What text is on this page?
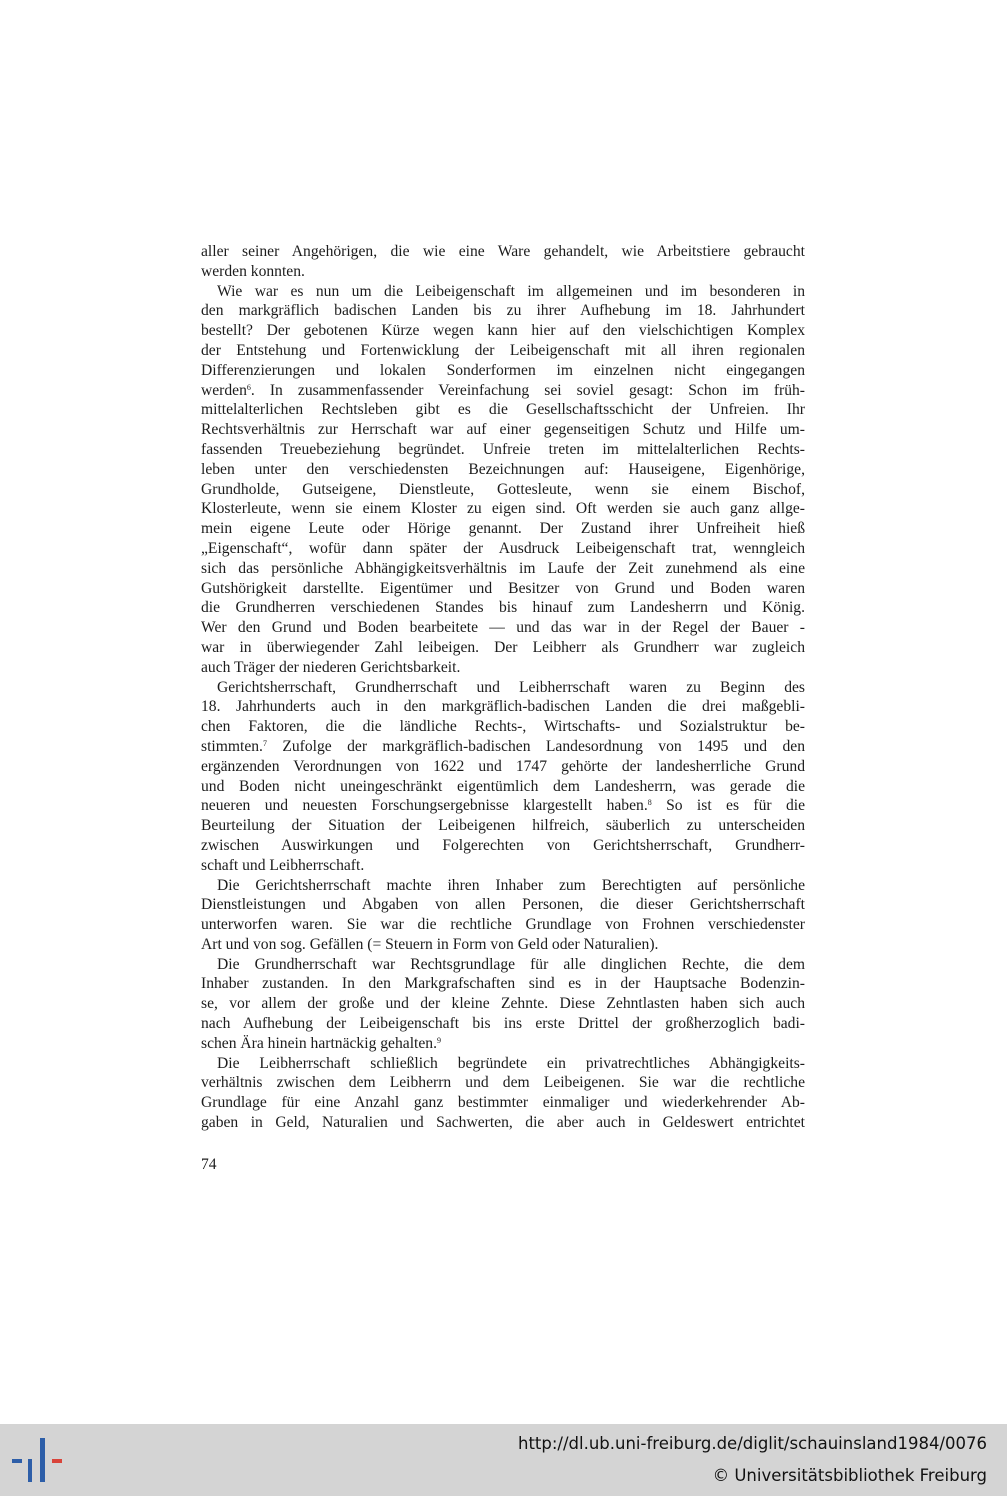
aller seiner Angehörigen, die wie eine Ware gehandelt, wie Arbeitstiere gebraucht
werden konnten.
Wie war es nun um die Leibeigenschaft im allgemeinen und im besonderen in
den markgräflich badischen Landen bis zu ihrer Aufhebung im 18. Jahrhundert
bestellt? Der gebotenen Kürze wegen kann hier auf den vielschichtigen Komplex
der Entstehung und Fortenwicklung der Leibeigenschaft mit all ihren regionalen
Differenzierungen und lokalen Sonderformen im einzelnen nicht eingegangen
werden$^6$. In zusammenfassender Vereinfachung sei soviel gesagt: Schon im früh-
mittelalterlichen Rechtsleben gibt es die Gesellschaftsschicht der Unfreien. Ihr
Rechtsverhältnis zur Herrschaft war auf einer gegenseitigen Schutz und Hilfe um-
fassenden Treuebeziehung begründet. Unfreie treten im mittelalterlichen Rechts-
leben unter den verschiedensten Bezeichnungen auf: Hauseigene, Eigenhörige,
Grundholde, Gutseigene, Dienstleute, Gottesleute, wenn sie einem Bischof,
Klosterleute, wenn sie einem Kloster zu eigen sind. Oft werden sie auch ganz allge-
mein eigene Leute oder Hörige genannt. Der Zustand ihrer Unfreiheit hieß
„Eigenschaft“, wofür dann später der Ausdruck Leibeigenschaft trat, wenngleich
sich das persönliche Abhängigkeitsverhältnis im Laufe der Zeit zunehmend als eine
Gutshörigkeit darstellte. Eigentümer und Besitzer von Grund und Boden waren
die Grundherren verschiedenen Standes bis hinauf zum Landesherrn und König.
Wer den Grund und Boden bearbeitete — und das war in der Regel der Bauer -
war in überwiegender Zahl leibeigen. Der Leibherr als Grundherr war zugleich
auch Träger der niederen Gerichtsbarkeit.
Gerichtsherrschaft, Grundherrschaft und Leibherrschaft waren zu Beginn des
18. Jahrhunderts auch in den markgräflich-badischen Landen die drei maßgebli-
chen Faktoren, die die ländliche Rechts-, Wirtschafts- und Sozialstruktur be-
stimmten.$^7$ Zufolge der markgräflich-badischen Landesordnung von 1495 und den
ergänzenden Verordnungen von 1622 und 1747 gehörte der landesherrliche Grund
und Boden nicht uneingeschränkt eigentümlich dem Landesherrn, was gerade die
neueren und neuesten Forschungsergebnisse klargestellt haben.$^8$ So ist es für die
Beurteilung der Situation der Leibeigenen hilfreich, säuberlich zu unterscheiden
zwischen Auswirkungen und Folgerechten von Gerichtsherrschaft, Grundherr-
schaft und Leibherrschaft.
Die Gerichtsherrschaft machte ihren Inhaber zum Berechtigten auf persönliche
Dienstleistungen und Abgaben von allen Personen, die dieser Gerichtsherrschaft
unterworfen waren. Sie war die rechtliche Grundlage von Frohnen verschiedenster
Art und von sog. Gefällen (= Steuern in Form von Geld oder Naturalien).
Die Grundherrschaft war Rechtsgrundlage für alle dinglichen Rechte, die dem
Inhaber zustanden. In den Markgrafschaften sind es in der Hauptsache Bodenzin-
se, vor allem der große und der kleine Zehnte. Diese Zehntlasten haben sich auch
nach Aufhebung der Leibeigenschaft bis ins erste Drittel der großherzoglich badi-
schen Ära hinein hartnäckig gehalten.$^9$
Die Leibherrschaft schließlich begründete ein privatrechtliches Abhängigkeits-
verhältnis zwischen dem Leibherrn und dem Leibeigenen. Sie war die rechtliche
Grundlage für eine Anzahl ganz bestimmter einmaliger und wiederkehrender Ab-
gaben in Geld, Naturalien und Sachwerten, die aber auch in Geldeswert entrichtet
74
http://dl.ub.uni-freiburg.de/diglit/schauinsland1984/0076
© Universitätsbibliothek Freiburg
